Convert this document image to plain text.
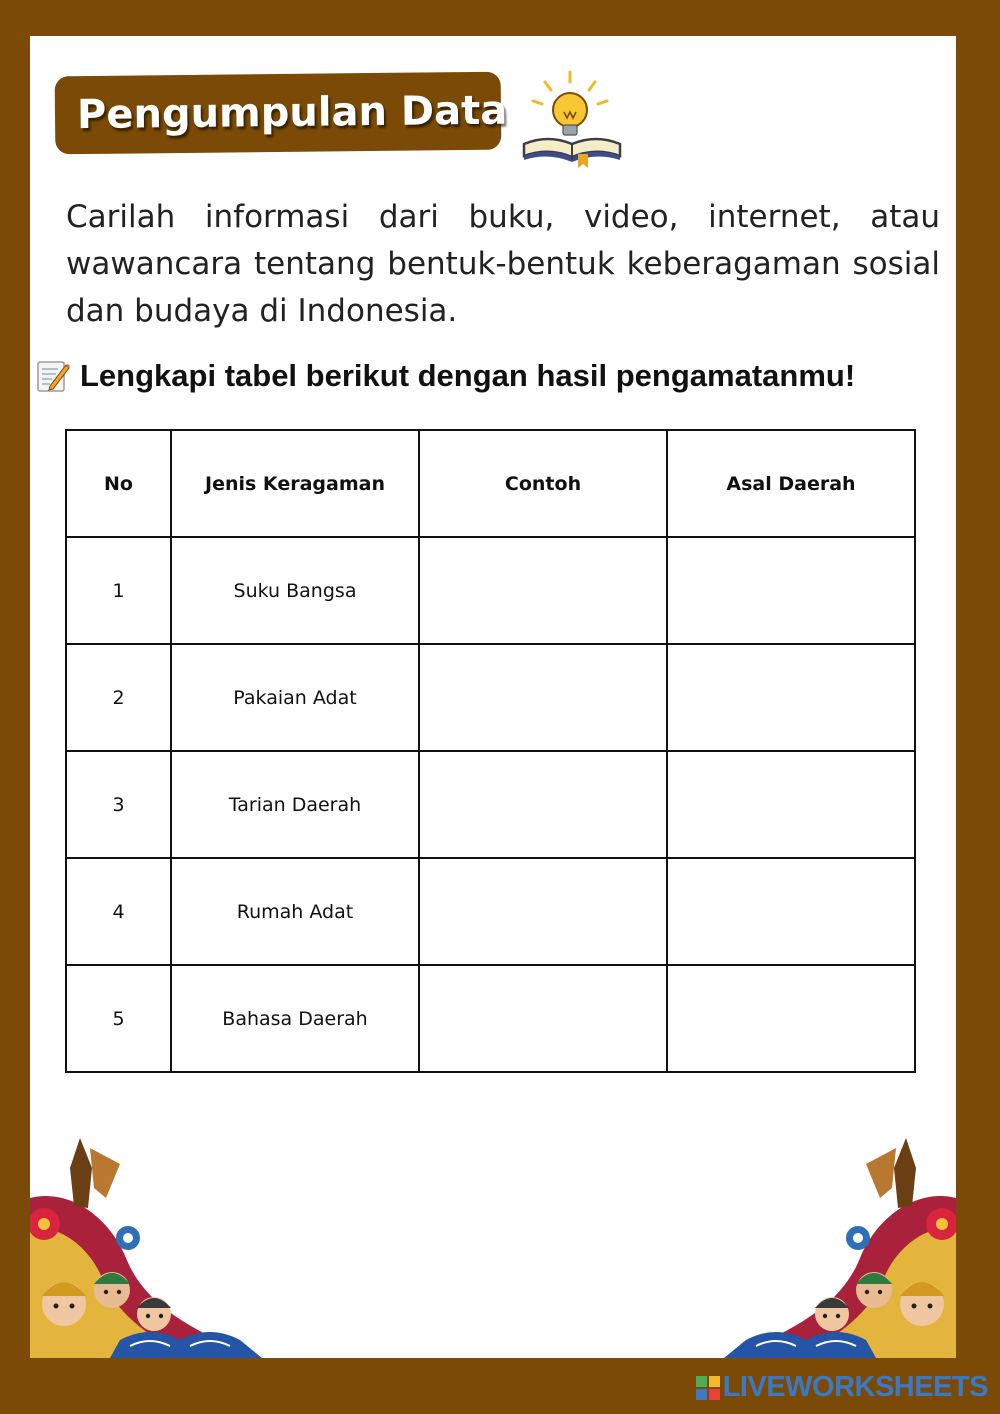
Pengumpulan Data

Carilah informasi dari buku, video, internet, atau wawancara tentang bentuk-bentuk keberagaman sosial dan budaya di Indonesia.

Lengkapi tabel berikut dengan hasil pengamatanmu!
No	Jenis Keragaman	Contoh	Asal Daerah
1	Suku Bangsa		
2	Pakaian Adat		
3	Tarian Daerah		
4	Rumah Adat		
5	Bahasa Daerah		
LIVEWORKSHEETS
